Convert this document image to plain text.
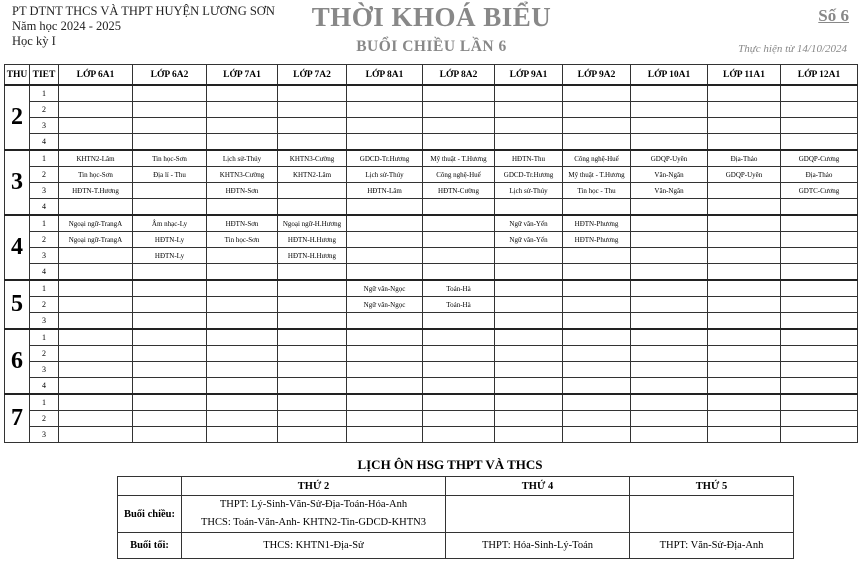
PT DTNT THCS VÀ THPT HUYỆN LƯƠNG SƠN
Năm học 2024 - 2025
Học kỳ I
THỜI KHOÁ BIỂU
BUỔI CHIỀU LẦN 6
Số 6
Thực hiện từ 14/10/2024
THU	TIET	LỚP 6A1	LỚP 6A2	LỚP 7A1	LỚP 7A2	LỚP 8A1	LỚP 8A2	LỚP 9A1	LỚP 9A2	LỚP 10A1	LỚP 11A1	LỚP 12A1
2	1											
	2											
	3											
	4											
3	1	KHTN2-Lâm	Tin học-Sơn	Lịch sử-Thúy	KHTN3-Cường	GDCD-Tr.Hương	Mỹ thuật - T.Hương	HĐTN-Thu	Công nghệ-Huế	GDQP-Uyên	Địa-Thảo	GDQP-Cương
	2	Tin học-Sơn	Địa lí - Thu	KHTN3-Cường	KHTN2-Lâm	Lịch sử-Thúy	Công nghệ-Huế	GDCD-Tr.Hương	Mỹ thuật - T.Hương	Văn-Ngân	GDQP-Uyên	Địa-Thảo
	3	HĐTN-T.Hương		HĐTN-Sơn		HĐTN-Lâm	HĐTN-Cường	Lịch sử-Thúy	Tin học - Thu	Văn-Ngân		GDTC-Cương
	4											
4	1	Ngoại ngữ-TrangA	Âm nhạc-Ly	HĐTN-Sơn	Ngoại ngữ-H.Hương			Ngữ văn-Yến	HĐTN-Phương			
	2	Ngoại ngữ-TrangA	HĐTN-Ly	Tin học-Sơn	HĐTN-H.Hương			Ngữ văn-Yến	HĐTN-Phương			
	3		HĐTN-Ly		HĐTN-H.Hương							
	4											
5	1					Ngữ văn-Ngọc	Toán-Hà					
	2					Ngữ văn-Ngọc	Toán-Hà					
	3											
6	1											
	2											
	3											
	4											
7	1											
	2											
	3											
LỊCH ÔN HSG THPT VÀ THCS
	THỨ 2	THỨ 4	THỨ 5
Buổi chiều:	THPT: Lý-Sinh-Văn-Sử-Địa-Toán-Hóa-Anh
THCS: Toán-Văn-Anh- KHTN2-Tin-GDCD-KHTN3		

Buổi tối:	THCS: KHTN1-Địa-Sử	THPT: Hóa-Sinh-Lý-Toán	THPT: Văn-Sử-Địa-Anh
